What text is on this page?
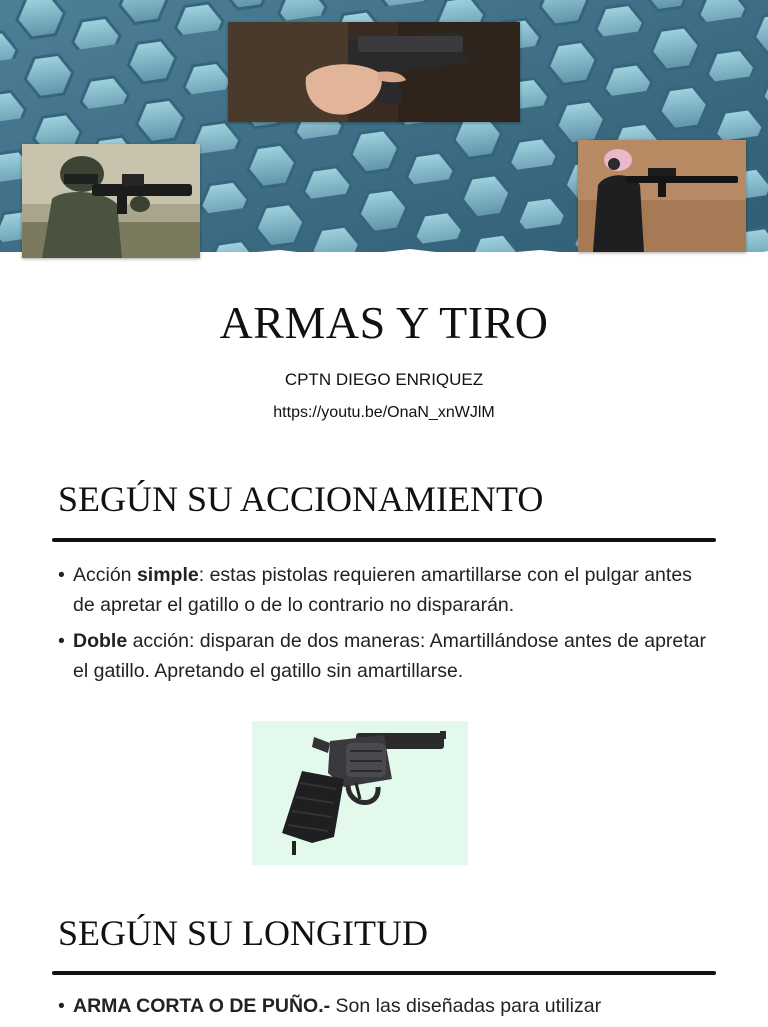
ARMAS Y TIRO
CPTN DIEGO ENRIQUEZ
https://youtu.be/OnaN_xnWJlM
SEGÚN SU ACCIONAMIENTO
• Acción simple: estas pistolas requieren amartillarse con el pulgar antes de apretar el gatillo o de lo contrario no dispararán.
• Doble acción: disparan de dos maneras: Amartillándose antes de apretar el gatillo. Apretando el gatillo sin amartillarse.
SEGÚN SU LONGITUD
• ARMA CORTA O DE PUÑO.- Son las diseñadas para utilizar
